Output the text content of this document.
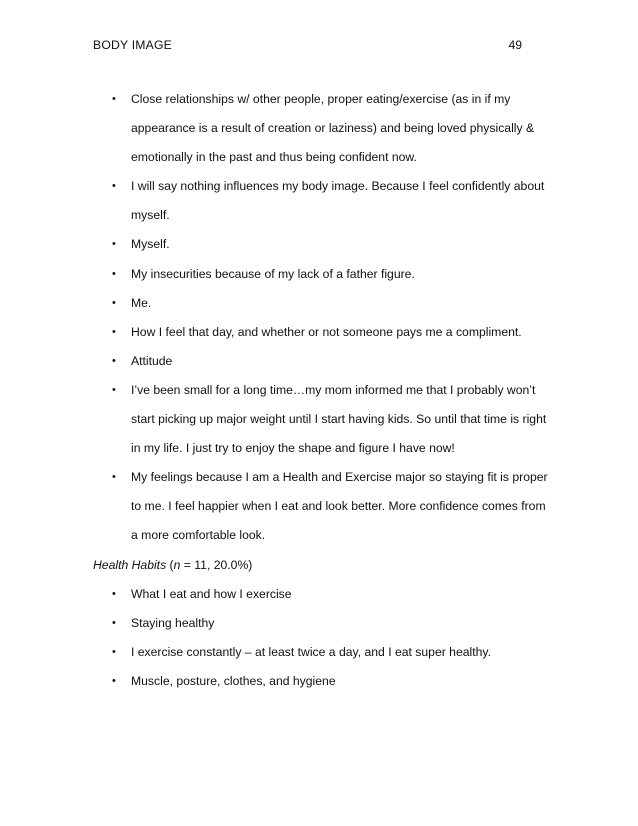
BODY IMAGE	49
• Close relationships w/ other people, proper eating/exercise (as in if my appearance is a result of creation or laziness) and being loved physically & emotionally in the past and thus being confident now.
• I will say nothing influences my body image. Because I feel confidently about myself.
• Myself.
• My insecurities because of my lack of a father figure.
• Me.
• How I feel that day, and whether or not someone pays me a compliment.
• Attitude
• I’ve been small for a long time…my mom informed me that I probably won’t start picking up major weight until I start having kids. So until that time is right in my life. I just try to enjoy the shape and figure I have now!
• My feelings because I am a Health and Exercise major so staying fit is proper to me. I feel happier when I eat and look better. More confidence comes from a more comfortable look.

Health Habits (n = 11, 20.0%)

• What I eat and how I exercise
• Staying healthy
• I exercise constantly – at least twice a day, and I eat super healthy.
• Muscle, posture, clothes, and hygiene
